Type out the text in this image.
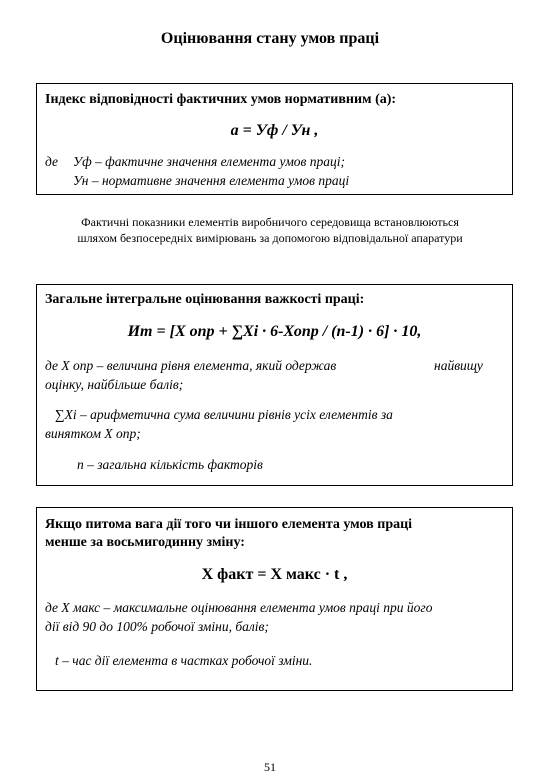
Оцінювання стану умов праці
Індекс відповідності фактичних умов нормативним (а):
а = Уф / Ун ,
де Уф – фактичне значення елемента умов праці;
Ун – нормативне значення елемента умов праці
Фактичні показники елементів виробничого середовища встановлюються шляхом безпосередніх вимірювань за допомогою відповідальної апаратури
Загальне інтегральне оцінювання важкості праці:
Ит = [Х опр + ∑Хі · 6-Хопр / (n-1) · 6] · 10,
де Х опр – величина рівня елемента, який одержав	найвищу
оцінку, найбільше балів;
∑Хі – арифметична сума величини рівнів усіх елементів за
винятком Х опр;
n – загальна кількість факторів
Якщо питома вага дії того чи іншого елемента умов праці
менше за восьмигодинну зміну:
Х факт = Х макс · t ,
де Х макс – максимальне оцінювання елемента умов праці при його
дії від 90 до 100% робочої зміни, балів;
t – час дії елемента в частках робочої зміни.
51
